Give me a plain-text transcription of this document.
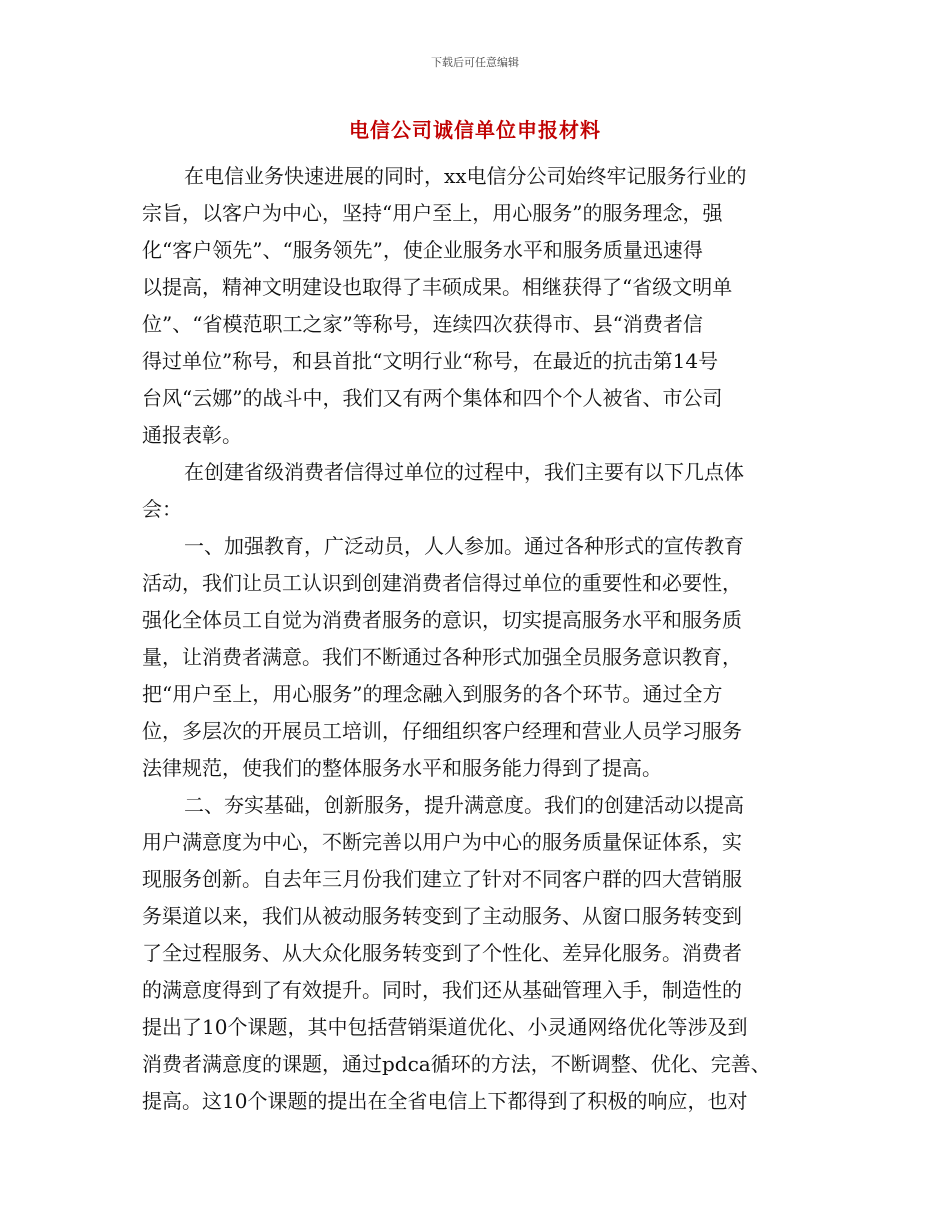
下载后可任意编辑
电信公司诚信单位申报材料
在电信业务快速进展的同时，xx电信分公司始终牢记服务行业的
宗旨，以客户为中心，坚持“用户至上，用心服务”的服务理念，强
化“客户领先”、“服务领先”，使企业服务水平和服务质量迅速得
以提高，精神文明建设也取得了丰硕成果。相继获得了“省级文明单
位”、“省模范职工之家”等称号，连续四次获得市、县“消费者信
得过单位”称号，和县首批“文明行业“称号，在最近的抗击第14号
台风“云娜”的战斗中，我们又有两个集体和四个个人被省、市公司
通报表彰。
在创建省级消费者信得过单位的过程中，我们主要有以下几点体
会：
一、加强教育，广泛动员，人人参加。通过各种形式的宣传教育
活动，我们让员工认识到创建消费者信得过单位的重要性和必要性，
强化全体员工自觉为消费者服务的意识，切实提高服务水平和服务质
量，让消费者满意。我们不断通过各种形式加强全员服务意识教育，
把“用户至上，用心服务”的理念融入到服务的各个环节。通过全方
位，多层次的开展员工培训，仔细组织客户经理和营业人员学习服务
法律规范，使我们的整体服务水平和服务能力得到了提高。
二、夯实基础，创新服务，提升满意度。我们的创建活动以提高
用户满意度为中心，不断完善以用户为中心的服务质量保证体系，实
现服务创新。自去年三月份我们建立了针对不同客户群的四大营销服
务渠道以来，我们从被动服务转变到了主动服务、从窗口服务转变到
了全过程服务、从大众化服务转变到了个性化、差异化服务。消费者
的满意度得到了有效提升。同时，我们还从基础管理入手，制造性的
提出了10个课题，其中包括营销渠道优化、小灵通网络优化等涉及到
消费者满意度的课题，通过pdca循环的方法，不断调整、优化、完善、
提高。这10个课题的提出在全省电信上下都得到了积极的响应，也对
